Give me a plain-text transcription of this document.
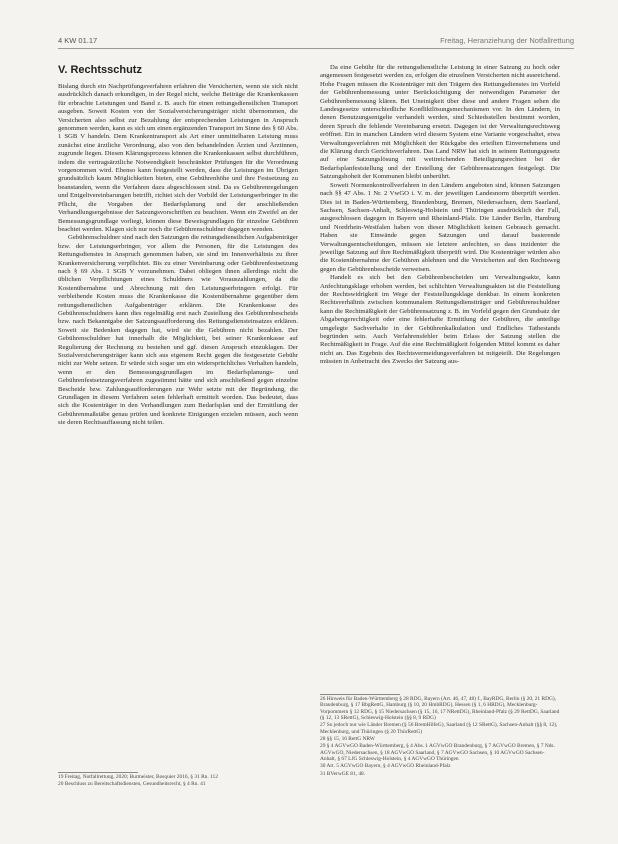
4 KW 01.17	Freitag, Heranziehung der Notfallrettung
V. Rechtsschutz

Bislang durch ein Nachprüfungsverfahren erfahren die Versicherten, wenn sie sich nicht ausdrücklich danach erkundigen, in der Regel nicht, welche Beiträge die Krankenkassen für erbrachte Leistungen und Band z. B. auch für einen rettungsdienstlichen Transport ausgeben. Soweit Kosten von der Sozialversicherungsträger nicht übernommen, die Versicherten also selbst zur Bezahlung der entsprechenden Leistungen in Anspruch genommen werden, kann es sich um einen ergänzenden Transport im Sinne des § 60 Abs. 1 SGB V handeln. Dem Krankentransport als Art einer unmittelbaren Leistung muss zunächst eine ärztliche Verordnung, also von den behandelnden Ärzten und Ärztinnen, zugrunde liegen. Diesen Klärungsprozess können die Krankenkassen selbst durchführen, indem die vertragsärztliche Notwendigkeit beschränkter Prüfungen für die Verordnung vorgenommen wird. Ebenso kann festgestellt werden, dass die Leistungen im Übrigen grundsätzlich kaum Möglichkeiten bieten, eine Gebührenhöhe und ihre Festsetzung zu beanstanden, wenn die Verfahren dazu abgeschlossen sind. Da es Gebührenregelungen und Entgeltvereinbarungen betrifft, richtet sich der Vorbild der Leistungserbringer in die Pflicht, die Vorgaben der Bedarfsplanung und der anschließenden Verhandlungsergebnisse der Satzungsvorschriften zu beachten. Wenn ein Zweifel an der Bemessungsgrundlage vorliegt, können diese Beweisgrundlagen für einzelne Gebühren beachtet werden. Klagen sich nur noch die Gebührenschuldner dagegen wenden.

Gebührenschuldner sind nach den Satzungen die rettungsdienstlichen Aufgabenträger bzw. der Leistungserbringer, vor allem die Personen, für die Leistungen des Rettungsdienstes in Anspruch genommen haben, sie sind im Innenverhältnis zu ihrer Krankenversicherung verpflichtet. Bis zu einer Vereinbarung oder Gebührenfestsetzung nach § 69 Abs. 1 SGB V vorzunehmen. Dabei obliegen ihnen allerdings nicht die üblichen Verpflichtungen eines Schuldners wie Vorauszahlungen, da die Kostenübernahme und Abrechnung mit den Leistungserbringern erfolgt. Für verbleibende Kosten muss die Krankenkasse die Kostenübernahme gegenüber dem rettungsdienstlichen Aufgabenträger erklären. Die Krankenkasse des Gebührenschuldners kann dies regelmäßig erst nach Zustellung des Gebührenbescheids bzw. nach Bekanntgabe der Satzungsaufforderung des Rettungsdiensteinsatzes erklären. Soweit sie Bedenken dagegen hat, wird sie die Gebühren nicht bezahlen. Der Gebührenschuldner hat innerhalb die Möglichkeit, bei seiner Krankenkasse auf Regulierung der Rechnung zu bestehen und ggf. diesen Anspruch einzuklagen. Der Sozialversicherungsträger kann sich aus eigenem Recht gegen die festgesetzte Gebühr nicht zur Wehr setzen. Er würde sich sogar um ein widersprüchliches Verhalten handeln, wenn er den Bemessungsgrundlagen im Bedarfsplanungs- und Gebührenfestsetzungsverfahren zugestimmt hätte und sich anschließend gegen einzelne Bescheide bzw. Zahlungsaufforderungen zur Wehr setzte mit der Begründung, die Grundlagen in diesem Verfahren seien fehlerhaft ermittelt worden. Das bedeutet, dass sich die Kostenträger in den Verhandlungen zum Bedarfsplan und der Ermittlung der Gebührenmaßstäbe genau prüfen und konkrete Einigungen erzielen müssen, auch wenn sie deren Rechtsauffassung nicht teilen.

19 Freitag, Notfallrettung, 2020; Burmeister, Bosquier 2016, § 31 Rn. 112
20 Beschluss zu Bereitschaftsdiensten, Gesundheitsrecht, § 4 Rn. 41

Da eine Gebühr für die rettungsdienstliche Leistung in einer Satzung zu hoch oder angemessen festgesetzt werden zu, erfolgen die einzelnen Versicherten nicht ausreichend. Hohe Fragen müssen die Kostenträger mit den Trägern des Rettungsdienstes im Vorfeld der Gebührenbemessung unter Berücksichtigung der notwendigen Parameter der Gebührenbemessung klären. Bei Uneinigkeit über diese und andere Fragen sehen die Landesgesetze unterschiedliche Konfliktlösungsmechanismen vor. In den Ländern, in denen Benutzungsentgelte verhandelt werden, sind Schiedsstellen bestimmt worden, deren Spruch die fehlende Vereinbarung ersetzt. Dagegen ist der Verwaltungsrechtsweg eröffnet. Ein in manchen Ländern wird diesem System eine Variante vorgeschaltet, etwa Verwaltungsverfahren mit Möglichkeit der Rückgabe des erteilten Einvernehmens und die Klärung durch Gerichtsverfahren. Das Land NRW hat sich in seinem Rettungsgesetz auf eine Satzungslösung mit weitreichenden Beteiligungsrechten bei der Bedarfsplanfeststellung und der Erstellung der Gebührensatzungen festgelegt. Die Satzungshoheit der Kommunen bleibt unberührt.

Soweit Normenkontrollverfahren in den Ländern angeboten sind, können Satzungen nach §§ 47 Abs. 1 Nr. 2 VwGO i. V. m. der jeweiligen Landesnorm überprüft werden. Dies ist in Baden-Württemberg, Brandenburg, Bremen, Niedersachsen, dem Saarland, Sachsen, Sachsen-Anhalt, Schleswig-Holstein und Thüringen ausdrücklich der Fall, ausgeschlossen dagegen in Bayern und Rheinland-Pfalz. Die Länder Berlin, Hamburg und Nordrhein-Westfalen haben von dieser Möglichkeit keinen Gebrauch gemacht. Haben sie Einwände gegen Satzungen und darauf basierende Verwaltungsentscheidungen, müssen sie letztere anfechten, so dass inzidenter die jeweilige Satzung auf ihre Rechtmäßigkeit überprüft wird. Die Kostenträger würden also die Kostenübernahme der Gebühren ablehnen und die Versicherten auf den Rechtsweg gegen die Gebührenbescheide verweisen.

Handelt es sich bei den Gebührenbescheiden um Verwaltungsakte, kann Anfechtungsklage erhoben werden, bei schlichten Verwaltungsakten ist die Feststellung der Rechtswidrigkeit im Wege der Feststellungsklage denkbar. In einem konkreten Rechtsverhältnis zwischen kommunalem Rettungsdienstträger und Gebührenschuldner kann die Rechtmäßigkeit der Gebührensatzung z. B. im Vorfeld gegen den Grundsatz der Abgabengerechtigkeit oder eine fehlerhafte Ermittlung der Gebühren, die anteilige umgelegte Sachverhalte in der Gebührenkalkulation und Endliches Tatbestands begründen sein. Auch Verfahrensfehler beim Erlass der Satzung stellen die Rechtmäßigkeit in Frage. Auf die eine Rechtmäßigkeit folgenden Mittel kommt es daher nicht an. Das Ergebnis des Rechtsvermeidungsverfahren ist mitgeteilt. Die Regelungen müssten in Anbetracht des Zwecks der Satzung aus-

26 Hinweis für Baden-Württemberg § 28 RDG, Bayern (Art. 46, 47, 48) f., BayRDG, Berlin (§ 20, 21 RDG), Brandenburg, § 17 BbgRettG, Hamburg (§ 10, 20 HmbRDG), Hessen (§ 1, 6 HRDG), Mecklenburg-Vorpommern § 12 RDG, § 15 Niedersachsen (§ 15, 16, 17 NRettDG), Rheinland-Pfalz (§ 29 RettDG, Saarland (§ 12, 13 SRettG), Schleswig-Holstein (§§ 8, 9 RDG)
27 So jedoch nur wie Länder Bremen (§ 56 BremHilfeG), Saarland (§ 12 SRettG), Sachsen-Anhalt (§§ 8, 12), Mecklenburg, und Thüringen (§ 20 ThürRettG)
28 §§ 15, 16 RettG NRW
29 § 4 AGVwGO Baden-Württemberg, § 4 Abs. 1 AGVwGO Brandenburg, § 7 AGVwGO Bremen, § 7 Nds. AGVwGO, Niedersachsen, § 18 AGVwGO Saarland, § 7 AGVwGO Sachsen, § 10 AGVwGO Sachsen-Anhalt, § 67 LJG Schleswig-Holstein, § 4 AGVwGO Thüringen
30 Art. 5 AGVwGO Bayern, § 4 AGVwGO Rheinland-Pfalz
31 BVerwGE 81, 48.
